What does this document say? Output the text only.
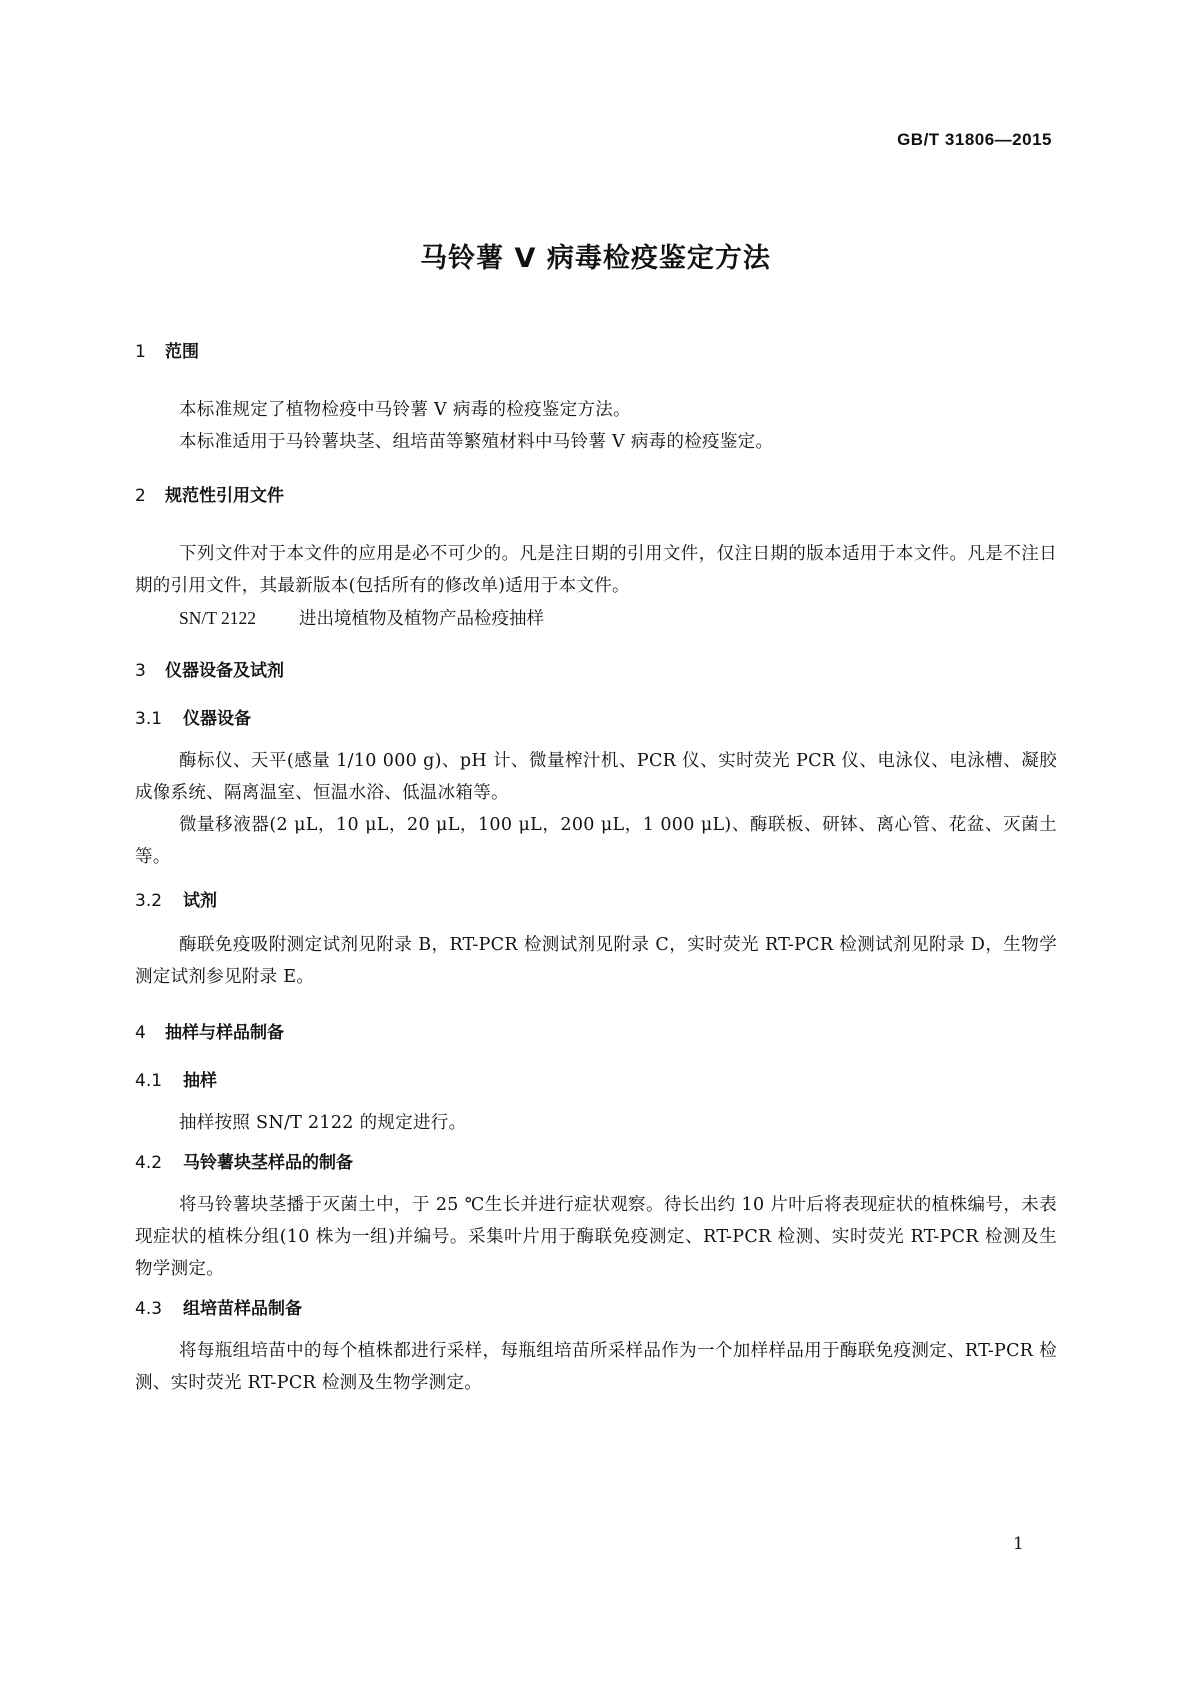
GB/T 31806—2015
马铃薯 V 病毒检疫鉴定方法
1 范围

本标准规定了植物检疫中马铃薯 V 病毒的检疫鉴定方法。

本标准适用于马铃薯块茎、组培苗等繁殖材料中马铃薯 V 病毒的检疫鉴定。

2 规范性引用文件

下列文件对于本文件的应用是必不可少的。凡是注日期的引用文件，仅注日期的版本适用于本文件。凡是不注日期的引用文件，其最新版本(包括所有的修改单)适用于本文件。

SN/T 2122 进出境植物及植物产品检疫抽样

3 仪器设备及试剂
3.1 仪器设备

酶标仪、天平(感量 1/10 000 g)、pH 计、微量榨汁机、PCR 仪、实时荧光 PCR 仪、电泳仪、电泳槽、凝胶成像系统、隔离温室、恒温水浴、低温冰箱等。

微量移液器(2 μL，10 μL，20 μL，100 μL，200 μL，1 000 μL)、酶联板、研钵、离心管、花盆、灭菌土等。

3.2 试剂

酶联免疫吸附测定试剂见附录 B，RT-PCR 检测试剂见附录 C，实时荧光 RT-PCR 检测试剂见附录 D，生物学测定试剂参见附录 E。

4 抽样与样品制备
4.1 抽样

抽样按照 SN/T 2122 的规定进行。

4.2 马铃薯块茎样品的制备

将马铃薯块茎播于灭菌土中，于 25 ℃生长并进行症状观察。待长出约 10 片叶后将表现症状的植株编号，未表现症状的植株分组(10 株为一组)并编号。采集叶片用于酶联免疫测定、RT-PCR 检测、实时荧光 RT-PCR 检测及生物学测定。

4.3 组培苗样品制备

将每瓶组培苗中的每个植株都进行采样，每瓶组培苗所采样品作为一个加样样品用于酶联免疫测定、RT-PCR 检测、实时荧光 RT-PCR 检测及生物学测定。

1
